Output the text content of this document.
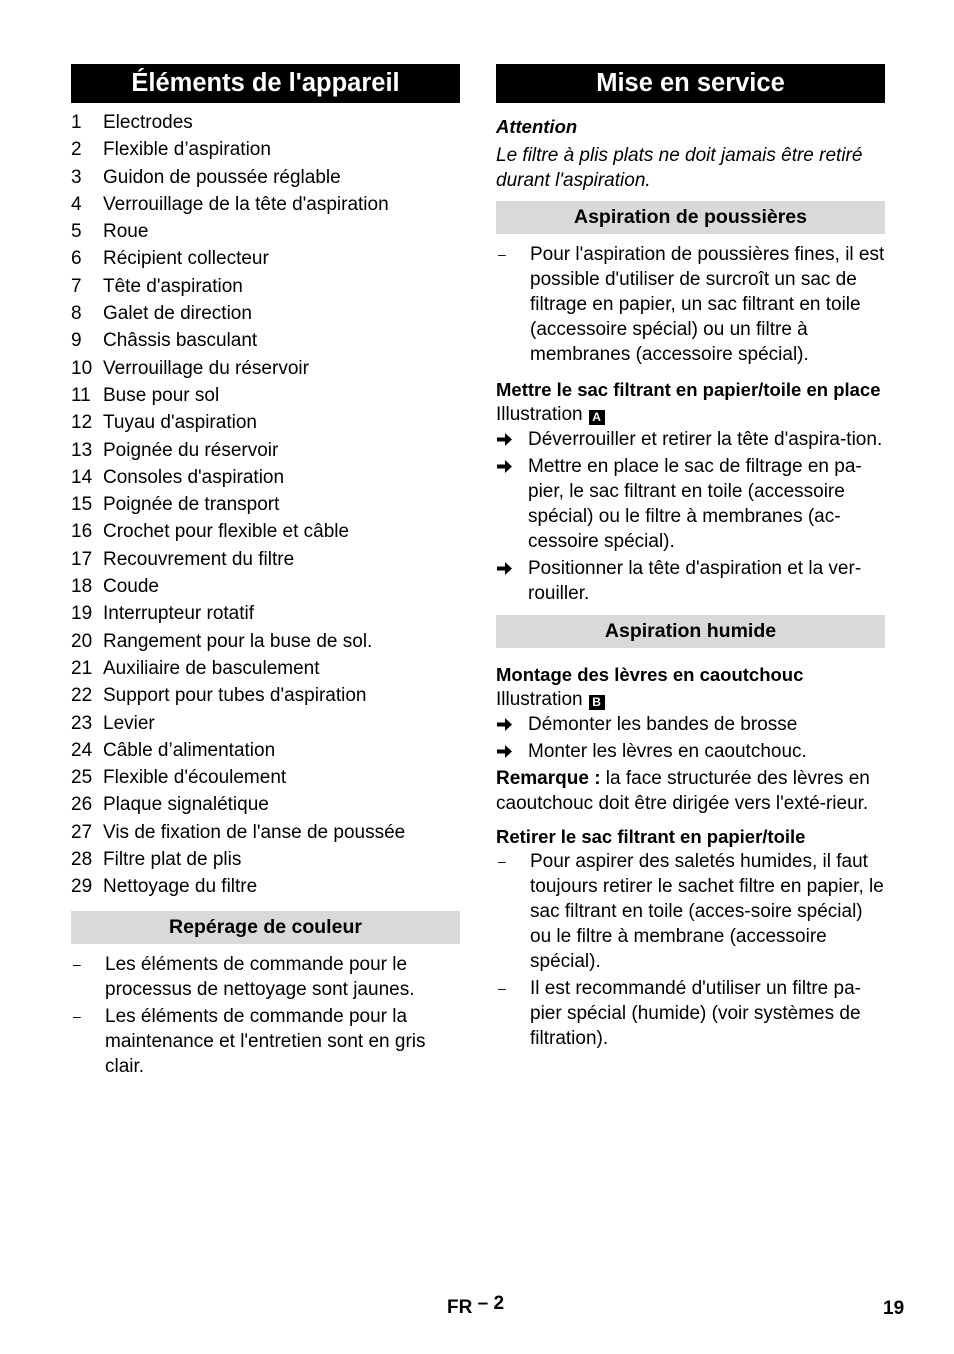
Éléments de l'appareil
1	Electrodes
2	Flexible d’aspiration
3	Guidon de poussée réglable
4	Verrouillage de la tête d'aspiration
5	Roue
6	Récipient collecteur
7	Tête d'aspiration
8	Galet de direction
9	Châssis basculant
10 Verrouillage du réservoir
11 Buse pour sol
12 Tuyau d'aspiration
13 Poignée du réservoir
14 Consoles d'aspiration
15 Poignée de transport
16 Crochet pour flexible et câble
17 Recouvrement du filtre
18 Coude
19 Interrupteur rotatif
20 Rangement pour la buse de sol.
21 Auxiliaire de basculement
22 Support pour tubes d'aspiration
23 Levier
24 Câble d’alimentation
25 Flexible d'écoulement
26 Plaque signalétique
27 Vis de fixation de l'anse de poussée
28 Filtre plat de plis
29 Nettoyage du filtre
Repérage de couleur
–	Les éléments de commande pour le processus de nettoyage sont jaunes.
–	Les éléments de commande pour la maintenance et l'entretien sont en gris clair.
Mise en service
Attention
Le filtre à plis plats ne doit jamais être retiré durant l'aspiration.
Aspiration de poussières
–	Pour l'aspiration de poussières fines, il est possible d'utiliser de surcroît un sac de filtrage en papier, un sac filtrant en toile (accessoire spécial) ou un filtre à membranes (accessoire spécial).
Mettre le sac filtrant en papier/toile en place
Illustration A
Déverrouiller et retirer la tête d'aspira-tion.
Mettre en place le sac de filtrage en pa-pier, le sac filtrant en toile (accessoire spécial) ou le filtre à membranes (ac-cessoire spécial).
Positionner la tête d'aspiration et la ver-rouiller.
Aspiration humide
Montage des lèvres en caoutchouc
Illustration B
Démonter les bandes de brosse
Monter les lèvres en caoutchouc.
Remarque : la face structurée des lèvres en caoutchouc doit être dirigée vers l'exté-rieur.
Retirer le sac filtrant en papier/toile
–	Pour aspirer des saletés humides, il faut toujours retirer le sachet filtre en papier, le sac filtrant en toile (acces-soire spécial) ou le filtre à membrane (accessoire spécial).
–	Il est recommandé d'utiliser un filtre pa-pier spécial (humide) (voir systèmes de filtration).
FR – 2	19
